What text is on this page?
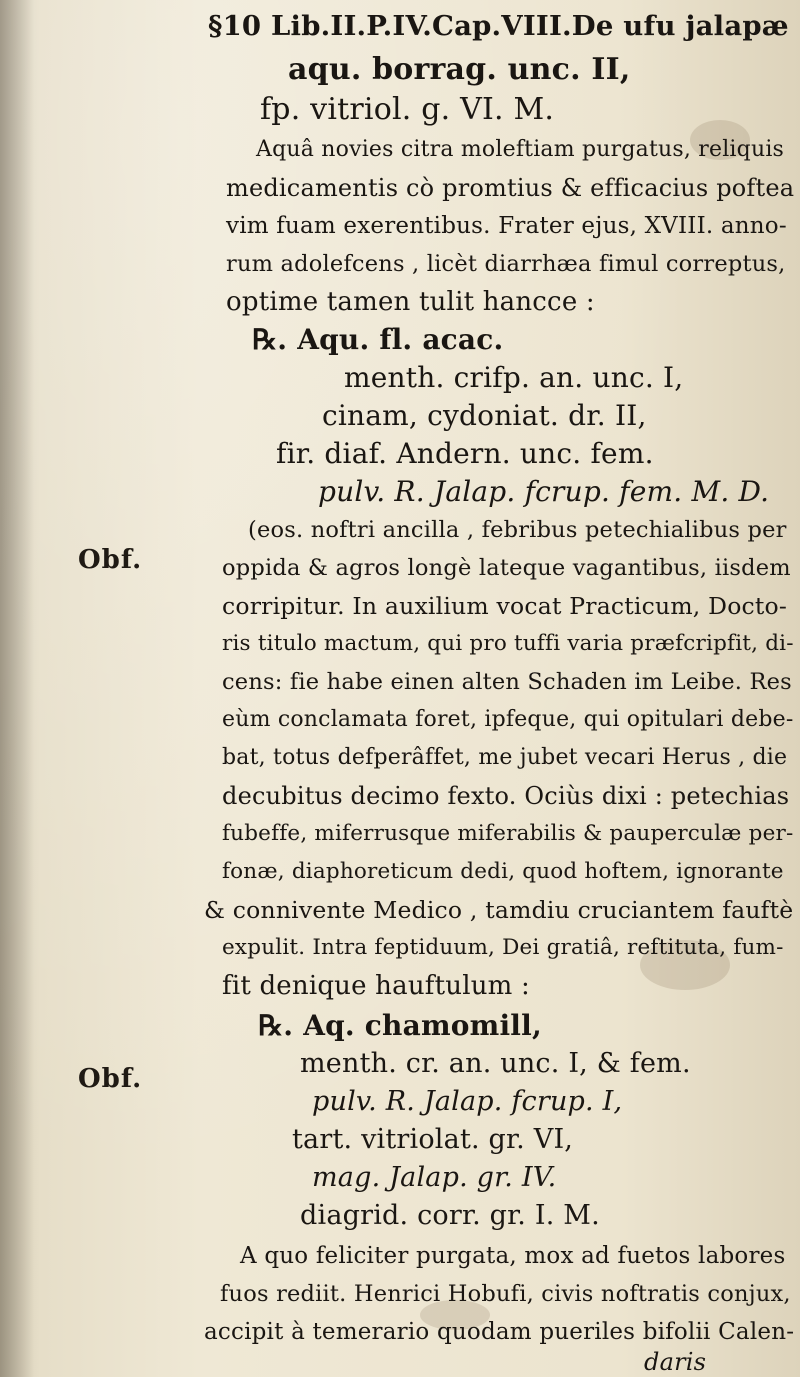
Obf.
Obf.
§10 Lib.II.P.IV.Cap.VIII.De ufu jalapæ
aqu. borrag. unc. II,
fp. vitriol. g. VI. M.
Aquâ novies citra moleftiam purgatus, reliquis
medicamentis cò promtius & efficacius poftea
vim fuam exerentibus. Frater ejus, XVIII. anno-
rum adolefcens , licèt diarrhæa fimul correptus,
optime tamen tulit hancce :
℞. Aqu. fl. acac.
menth. crifp. an. unc. I,
cinam, cydoniat. dr. II,
fir. diaf. Andern. unc. fem.
pulv. R. Jalap. fcrup. fem. M. D.
(eos. noftri ancilla , febribus petechialibus per
oppida & agros longè lateque vagantibus, iisdem
corripitur. In auxilium vocat Practicum, Docto-
ris titulo mactum, qui pro tuffi varia præfcripfit, di-
cens: fie habe einen alten Schaden im Leibe. Res
eùm conclamata foret, ipfeque, qui opitulari debe-
bat, totus defperâffet, me jubet vecari Herus , die
decubitus decimo fexto. Ociùs dixi : petechias
fubeffe, miferrusque miferabilis & pauperculæ per-
fonæ, diaphoreticum dedi, quod hoftem, ignorante
& connivente Medico , tamdiu cruciantem fauftè
expulit. Intra feptiduum, Dei gratiâ, reftituta, fum-
fit denique hauftulum :
℞. Aq. chamomill,
menth. cr. an. unc. I, & fem.
pulv. R. Jalap. fcrup. I,
tart. vitriolat. gr. VI,
mag. Jalap. gr. IV.
diagrid. corr. gr. I. M.
A quo feliciter purgata, mox ad fuetos labores
fuos rediit. Henrici Hobufi, civis noftratis conjux,
accipit à temerario quodam pueriles bifolii Calen-
daris
